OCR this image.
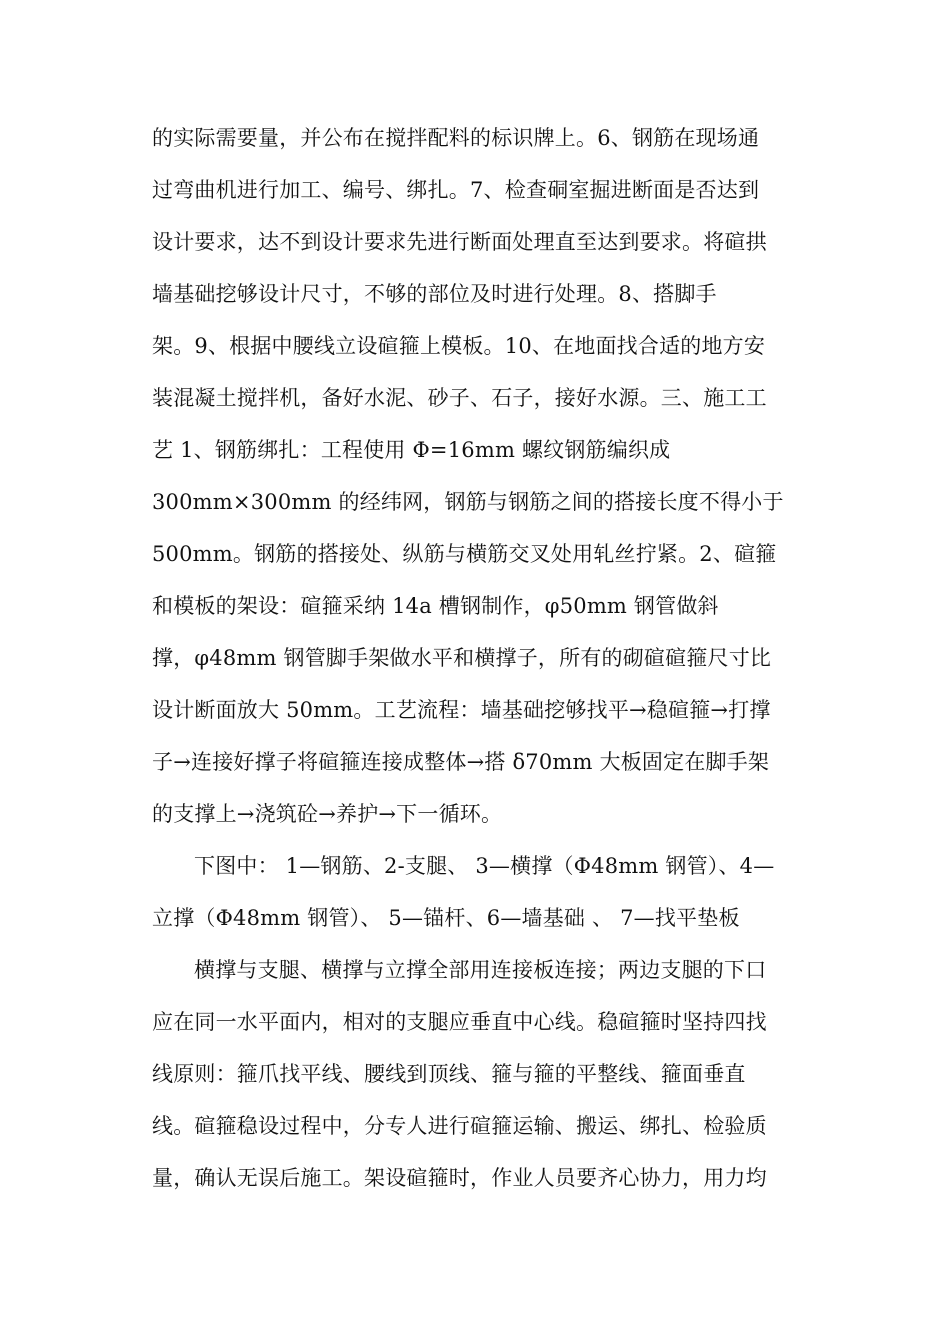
的实际需要量，并公布在搅拌配料的标识牌上。6、钢筋在现场通
过弯曲机进行加工、编号、绑扎。7、检查硐室掘进断面是否达到
设计要求，达不到设计要求先进行断面处理直至达到要求。将碹拱
墙基础挖够设计尺寸，不够的部位及时进行处理。8、搭脚手
架。9、根据中腰线立设碹箍上模板。10、在地面找合适的地方安
装混凝土搅拌机，备好水泥、砂子、石子，接好水源。三、施工工
艺 1、钢筋绑扎：工程使用 Φ=16mm 螺纹钢筋编织成
300mm×300mm 的经纬网，钢筋与钢筋之间的搭接长度不得小于
500mm。钢筋的搭接处、纵筋与横筋交叉处用轧丝拧紧。2、碹箍
和模板的架设：碹箍采纳 14a 槽钢制作，φ50mm 钢管做斜
撑，φ48mm 钢管脚手架做水平和横撑子，所有的砌碹碹箍尺寸比
设计断面放大 50mm。工艺流程：墙基础挖够找平→稳碹箍→打撑
子→连接好撑子将碹箍连接成整体→搭 δ70mm 大板固定在脚手架
的支撑上→浇筑砼→养护→下一循环。
下图中： 1—钢筋、2-支腿、 3—横撑（Φ48mm 钢管）、4—
立撑（Φ48mm 钢管）、 5—锚杆、6—墙基础 、 7—找平垫板
横撑与支腿、横撑与立撑全部用连接板连接；两边支腿的下口
应在同一水平面内，相对的支腿应垂直中心线。稳碹箍时坚持四找
线原则：箍爪找平线、腰线到顶线、箍与箍的平整线、箍面垂直
线。碹箍稳设过程中，分专人进行碹箍运输、搬运、绑扎、检验质
量，确认无误后施工。架设碹箍时，作业人员要齐心协力，用力均
